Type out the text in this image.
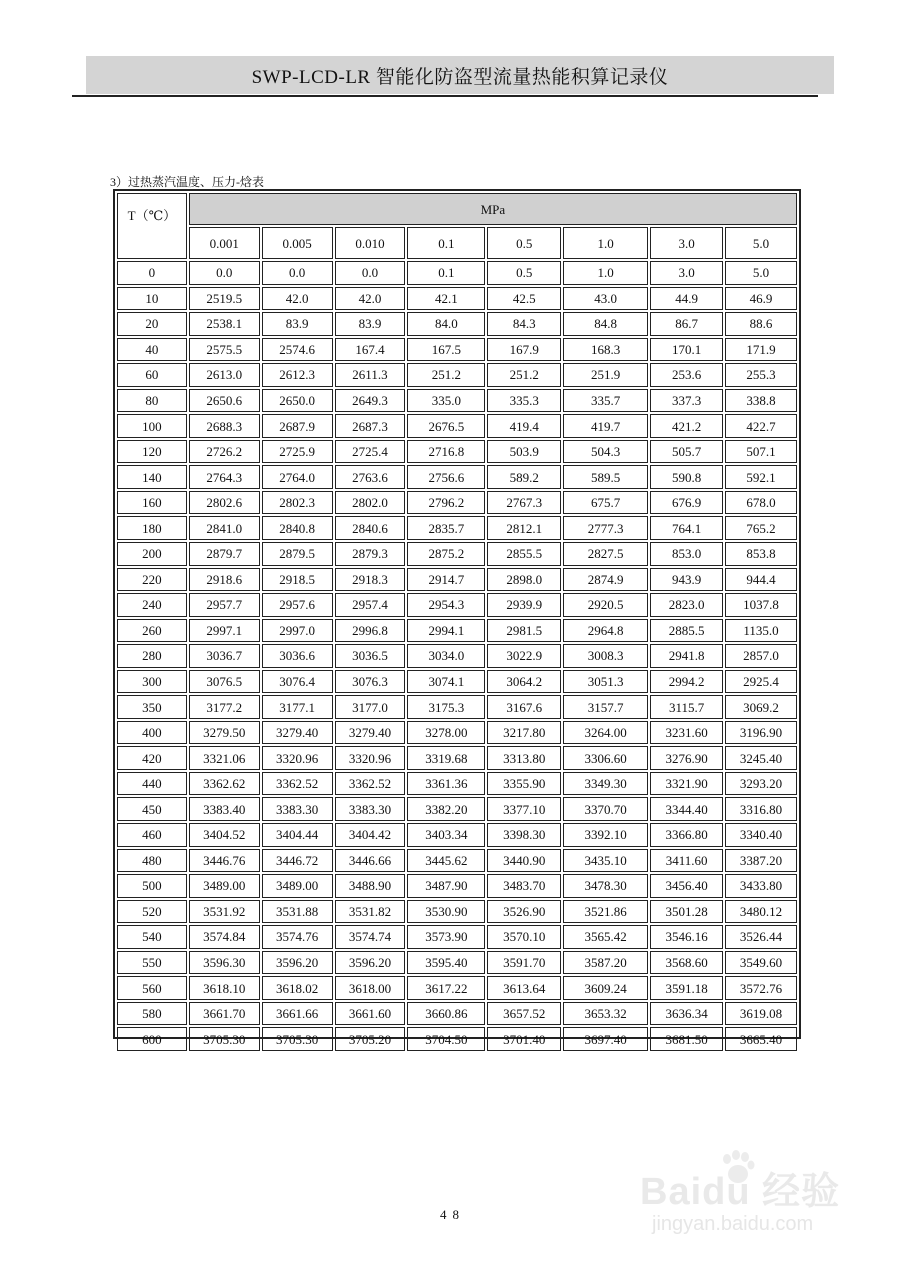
SWP-LCD-LR 智能化防盗型流量热能积算记录仪
3）过热蒸汽温度、压力-焓表
T（℃）	MPa							
	0.001	0.005	0.010	0.1	0.5	1.0	3.0	5.0
0	0.0	0.0	0.0	0.1	0.5	1.0	3.0	5.0
10	2519.5	42.0	42.0	42.1	42.5	43.0	44.9	46.9
20	2538.1	83.9	83.9	84.0	84.3	84.8	86.7	88.6
40	2575.5	2574.6	167.4	167.5	167.9	168.3	170.1	171.9
60	2613.0	2612.3	2611.3	251.2	251.2	251.9	253.6	255.3
80	2650.6	2650.0	2649.3	335.0	335.3	335.7	337.3	338.8
100	2688.3	2687.9	2687.3	2676.5	419.4	419.7	421.2	422.7
120	2726.2	2725.9	2725.4	2716.8	503.9	504.3	505.7	507.1
140	2764.3	2764.0	2763.6	2756.6	589.2	589.5	590.8	592.1
160	2802.6	2802.3	2802.0	2796.2	2767.3	675.7	676.9	678.0
180	2841.0	2840.8	2840.6	2835.7	2812.1	2777.3	764.1	765.2
200	2879.7	2879.5	2879.3	2875.2	2855.5	2827.5	853.0	853.8
220	2918.6	2918.5	2918.3	2914.7	2898.0	2874.9	943.9	944.4
240	2957.7	2957.6	2957.4	2954.3	2939.9	2920.5	2823.0	1037.8
260	2997.1	2997.0	2996.8	2994.1	2981.5	2964.8	2885.5	1135.0
280	3036.7	3036.6	3036.5	3034.0	3022.9	3008.3	2941.8	2857.0
300	3076.5	3076.4	3076.3	3074.1	3064.2	3051.3	2994.2	2925.4
350	3177.2	3177.1	3177.0	3175.3	3167.6	3157.7	3115.7	3069.2
400	3279.50	3279.40	3279.40	3278.00	3217.80	3264.00	3231.60	3196.90
420	3321.06	3320.96	3320.96	3319.68	3313.80	3306.60	3276.90	3245.40
440	3362.62	3362.52	3362.52	3361.36	3355.90	3349.30	3321.90	3293.20
450	3383.40	3383.30	3383.30	3382.20	3377.10	3370.70	3344.40	3316.80
460	3404.52	3404.44	3404.42	3403.34	3398.30	3392.10	3366.80	3340.40
480	3446.76	3446.72	3446.66	3445.62	3440.90	3435.10	3411.60	3387.20
500	3489.00	3489.00	3488.90	3487.90	3483.70	3478.30	3456.40	3433.80
520	3531.92	3531.88	3531.82	3530.90	3526.90	3521.86	3501.28	3480.12
540	3574.84	3574.76	3574.74	3573.90	3570.10	3565.42	3546.16	3526.44
550	3596.30	3596.20	3596.20	3595.40	3591.70	3587.20	3568.60	3549.60
560	3618.10	3618.02	3618.00	3617.22	3613.64	3609.24	3591.18	3572.76
580	3661.70	3661.66	3661.60	3660.86	3657.52	3653.32	3636.34	3619.08
600	3705.30	3705.30	3705.20	3704.50	3701.40	3697.40	3681.50	3665.40
48
Baidu 经验
jingyan.baidu.com
